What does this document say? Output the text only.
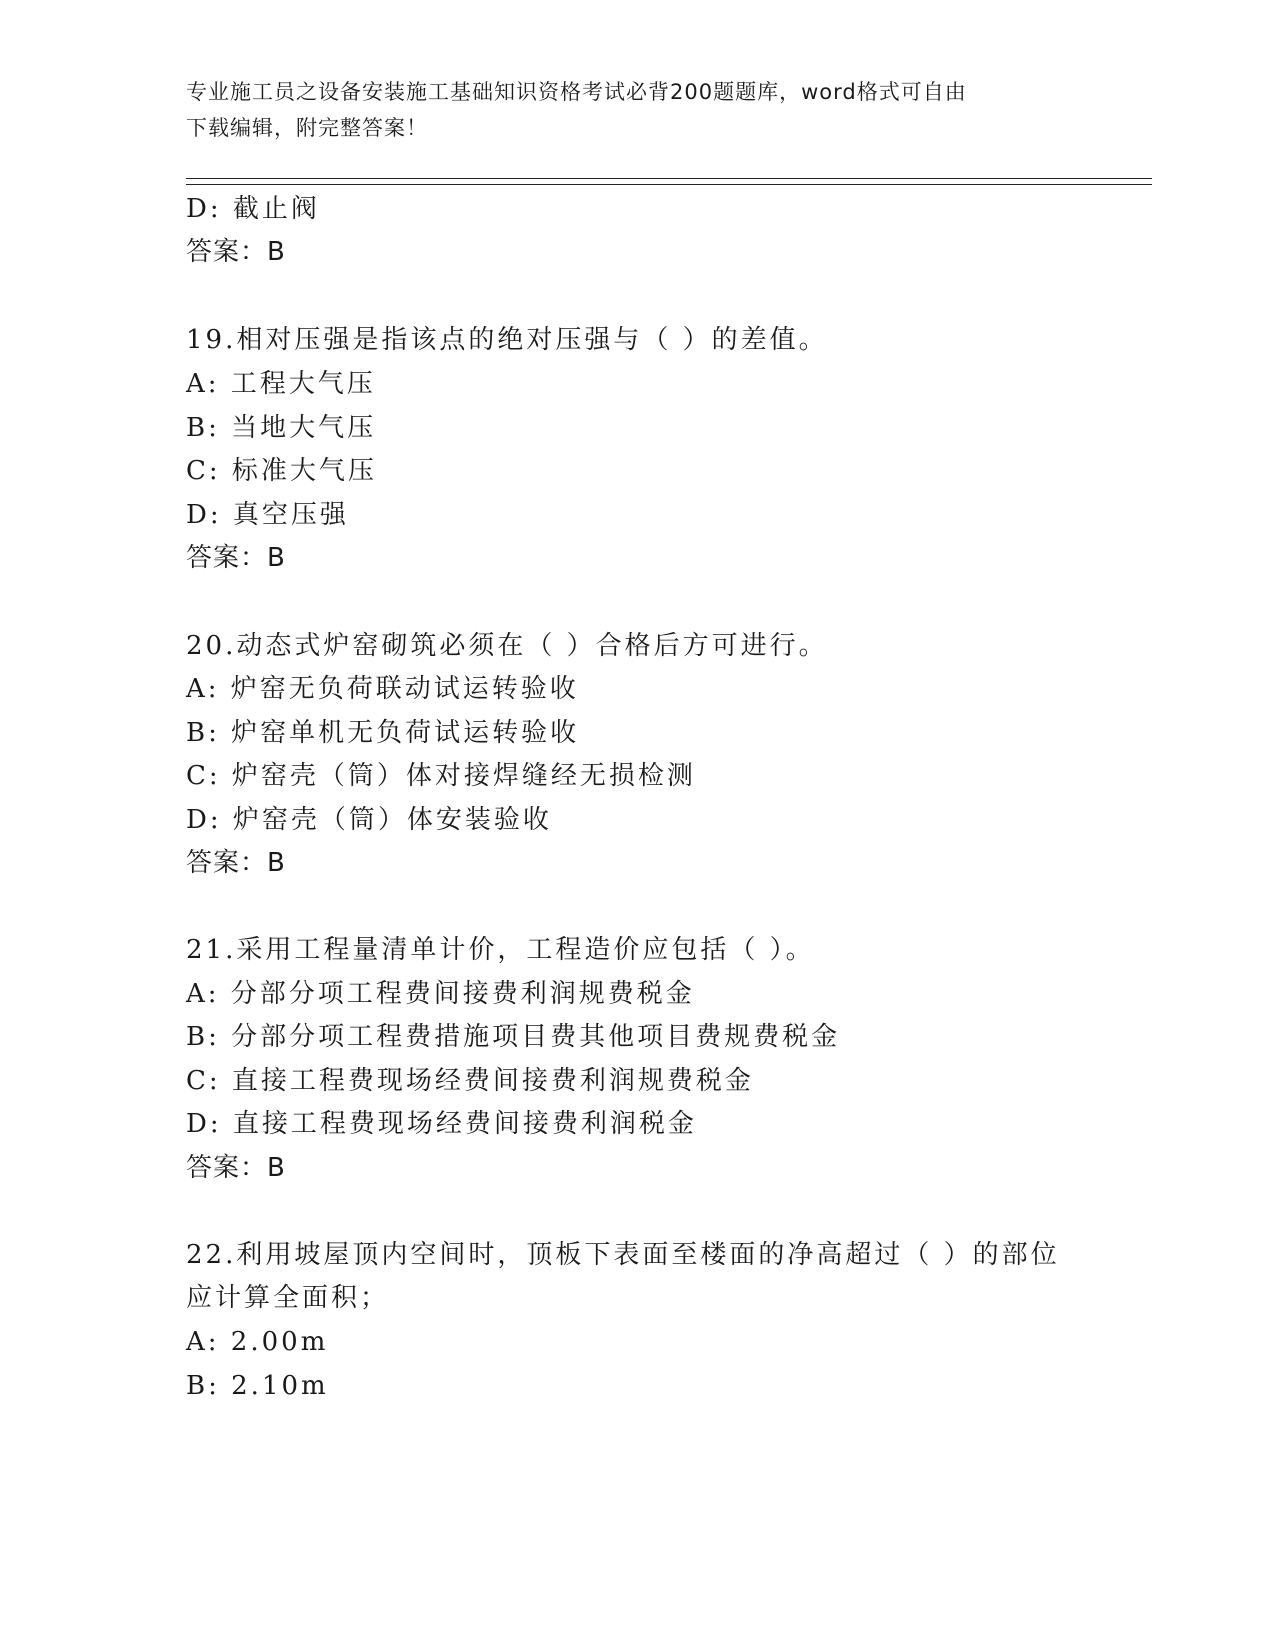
专业施工员之设备安装施工基础知识资格考试必背200题题库，word格式可自由
下载编辑，附完整答案！
D: 截止阀
答案：B
19.相对压强是指该点的绝对压强与（ ）的差值。
A: 工程大气压
B: 当地大气压
C: 标准大气压
D: 真空压强
答案：B
20.动态式炉窑砌筑必须在（ ）合格后方可进行。
A: 炉窑无负荷联动试运转验收
B: 炉窑单机无负荷试运转验收
C: 炉窑壳（筒）体对接焊缝经无损检测
D: 炉窑壳（筒）体安装验收
答案：B
21.采用工程量清单计价，工程造价应包括（ ）。
A: 分部分项工程费间接费利润规费税金
B: 分部分项工程费措施项目费其他项目费规费税金
C: 直接工程费现场经费间接费利润规费税金
D: 直接工程费现场经费间接费利润税金
答案：B
22.利用坡屋顶内空间时，顶板下表面至楼面的净高超过（ ）的部位
应计算全面积；
A: 2.00m
B: 2.10m
